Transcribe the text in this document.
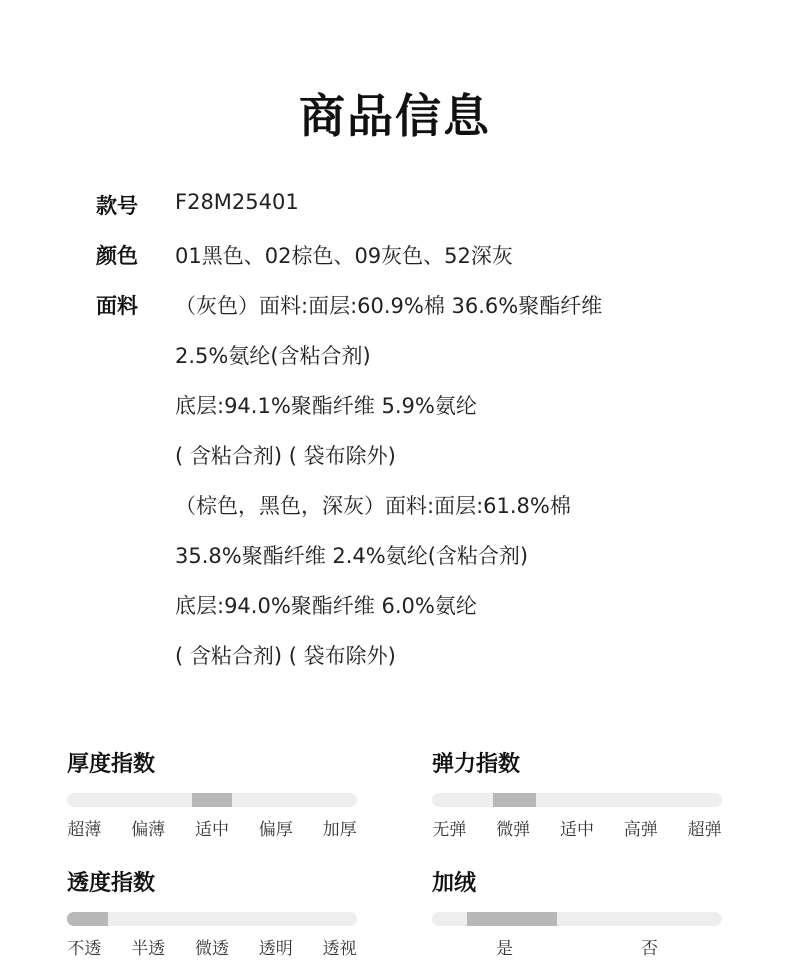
商品信息
款号 F28M25401
颜色 01黑色、02棕色、09灰色、52深灰
面料 （灰色）面料:面层:60.9%棉 36.6%聚酯纤维
2.5%氨纶(含粘合剂)
底层:94.1%聚酯纤维 5.9%氨纶
( 含粘合剂) ( 袋布除外)
（棕色，黑色，深灰）面料:面层:61.8%棉
35.8%聚酯纤维 2.4%氨纶(含粘合剂)
底层:94.0%聚酯纤维 6.0%氨纶
( 含粘合剂) ( 袋布除外)
厚度指数
超薄	偏薄	适中	偏厚	加厚
弹力指数
无弹	微弹	适中	高弹	超弹
透度指数
不透	半透	微透	透明	透视
加绒
是	否
